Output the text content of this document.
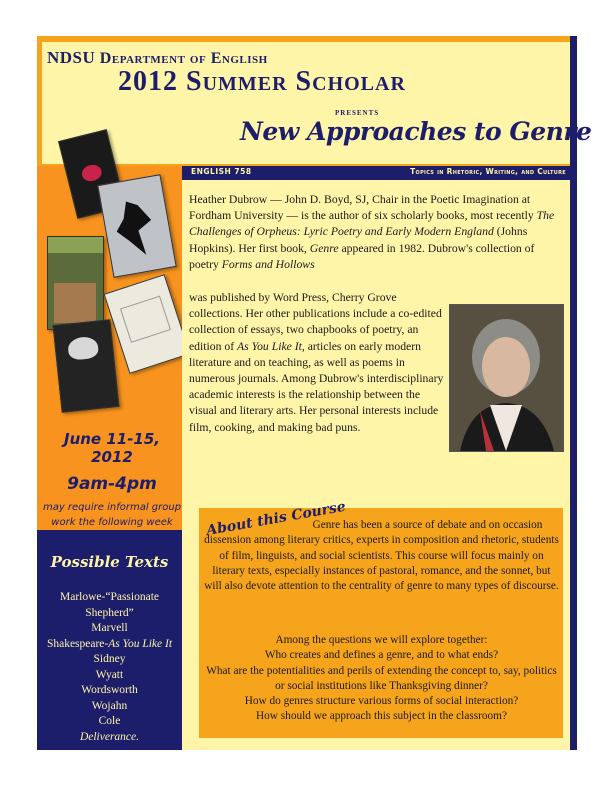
NDSU Department of English
2012 Summer Scholar
presents
New Approaches to Genre
June 11-15, 2012
9am-4pm
may require informal group work the following week
Possible Texts
Marlowe-“Passionate Shepherd”
Marvell
Shakespeare-As You Like It
Sidney
Wyatt
Wordsworth
Wojahn
Cole
Deliverance.
ENGLISH 758	Topics in Rhetoric, Writing, and Culture

Heather Dubrow — John D. Boyd, SJ, Chair in the Poetic Imagination at Fordham University — is the author of six scholarly books, most recently The Challenges of Orpheus: Lyric Poetry and Early Modern England (Johns Hopkins). Her first book, Genre appeared in 1982. Dubrow's collection of poetry Forms and Hollows

was published by Word Press, Cherry Grove collections. Her other publications include a co-edited collection of essays, two chapbooks of poetry, an edition of As You Like It, articles on early modern literature and on teaching, as well as poems in numerous journals. Among Dubrow's interdisciplinary academic interests is the relationship between the visual and literary arts. Her personal interests include film, cooking, and making bad puns.

About this Course
Genre has been a source of debate and on occasion dissension among literary critics, experts in composition and rhetoric, students of film, linguists, and social scientists. This course will focus mainly on literary texts, especially instances of pastoral, romance, and the sonnet, but will also devote attention to the centrality of genre to many types of discourse.
Among the questions we will explore together:
Who creates and defines a genre, and to what ends?
What are the potentialities and perils of extending the concept to, say, politics or social institutions like Thanksgiving dinner?
How do genres structure various forms of social interaction?
How should we approach this subject in the classroom?
